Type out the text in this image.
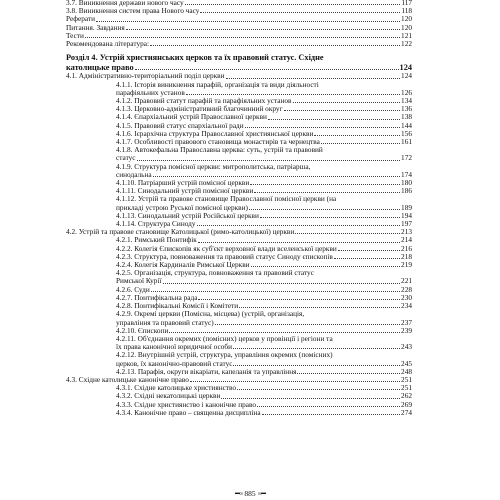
3.7. Виникнення держави нового часу	117
3.8. Виникнення систем права Нового часу	118
Реферати	120
Питання. Завдання	120
Тести	121
Рекомендована література:	122
Розділ 4. Устрій християнських церков та їх правовий статус. Східне
католицьке право	124
4.1. Адміністративно-територіальний поділ церкви	124
4.1.1. Історія виникнення парафій, організація та види діяльності
парафіяльних установ	126
4.1.2. Правовий статут парафій та парафіяльних установ	134
4.1.3. Церковно-адміністративний благочинний округ	136
4.1.4. Єпархіальний устрій Православної церкви	138
4.1.5. Правовий статус єпархіальної ради	144
4.1.6. Ієрархічна структура Православної християнської церкви	156
4.1.7. Особливості правового становища монастирів та чернецтва	161
4.1.8. Автокефальна Православна церква: суть, устрій та правовий
статус	172
4.1.9. Структура помісної церкви: митрополитська, патріарша,
синодальна	174
4.1.10. Патріарший устрій помісної церкви	180
4.1.11. Синодальний устрій помісної церкви	186
4.1.12. Устрій та правове становище Православної помісної церкви (на
прикладі устрою Руської помісної церкви)	189
4.1.13. Синодальний устрій Російської церкви	194
4.1.14. Структура Синоду	197
4.2. Устрій та правове становище Католицької (римо-католицької) церкви	213
4.2.1. Римський Понтифік	214
4.2.2. Колегія Єпископів як суб'єкт верховної влади вселенської церкви	216
4.2.3. Структура, повноваження та правовий статус Синоду єпископів	218
4.2.4. Колегія Кардиналів Римської Церкви	219
4.2.5. Організація, структура, повноваження та правовий статус
Римської Курії	221
4.2.6. Суди	228
4.2.7. Понтифікальна рада	230
4.2.8. Понтифікальні Комісії і Комітети	234
4.2.9. Окремі церкви (Помісна, місцева) (устрій, організація,
управління та правовий статус)	237
4.2.10. Єпископи	239
4.2.11. Об'єднання окремих (помісних) церков у провінції і регіони та
їх права канонічної юридичної особи	243
4.2.12. Внутрішній устрій, структура, управління окремих (помісних)
церков, їх канонічно-правовий статус	245
4.2.13. Парафія, округи вікаріати, капеланія та управління	248
4.3. Східне католицьке канонічне право	251
4.3.1. Східне католицьке християнство	251
4.3.2. Східні некатолицькі церкви	262
4.3.3. Східне християнство і канонічне право	269
4.3.4. Канонічне право – священна дисципліна	274
━◦◦ 885 ◦◦━
